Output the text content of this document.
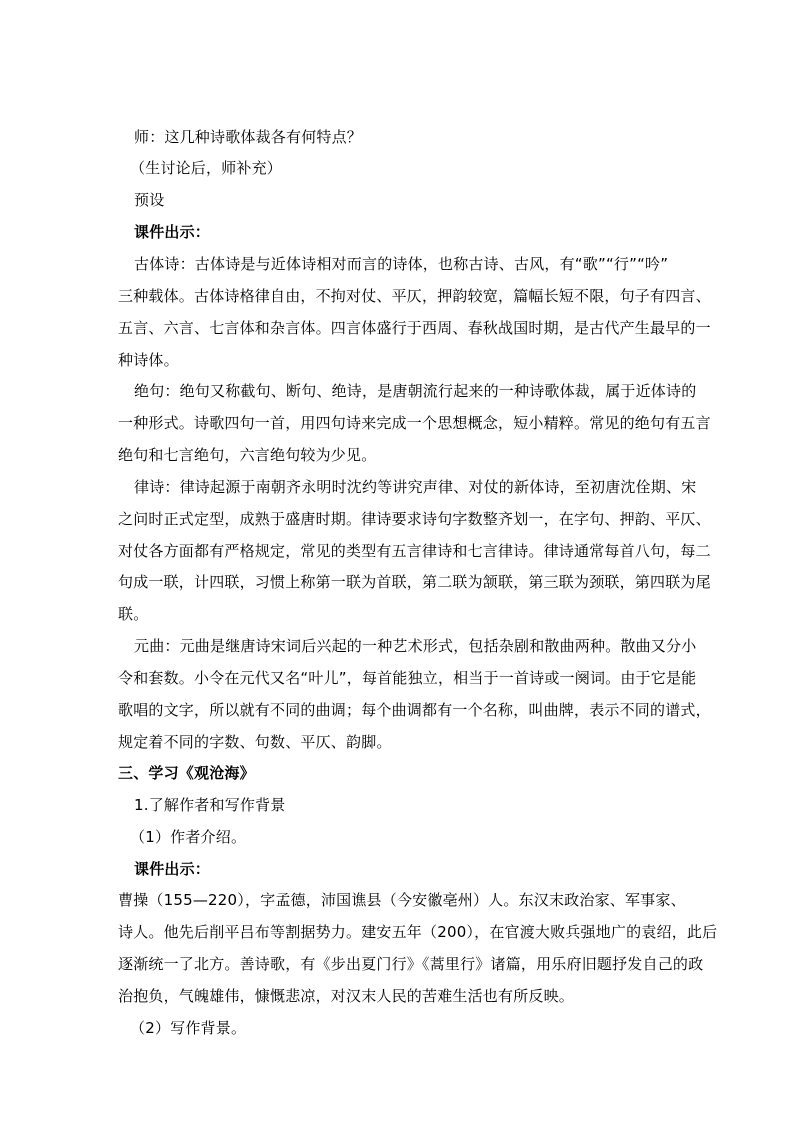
师：这几种诗歌体裁各有何特点？
（生讨论后，师补充）
预设
课件出示：
古体诗：古体诗是与近体诗相对而言的诗体，也称古诗、古风，有“歌”“行”“吟”
三种载体。古体诗格律自由，不拘对仗、平仄，押韵较宽，篇幅长短不限，句子有四言、
五言、六言、七言体和杂言体。四言体盛行于西周、春秋战国时期，是古代产生最早的一
种诗体。
绝句：绝句又称截句、断句、绝诗，是唐朝流行起来的一种诗歌体裁，属于近体诗的
一种形式。诗歌四句一首，用四句诗来完成一个思想概念，短小精粹。常见的绝句有五言
绝句和七言绝句，六言绝句较为少见。
律诗：律诗起源于南朝齐永明时沈约等讲究声律、对仗的新体诗，至初唐沈佺期、宋
之问时正式定型，成熟于盛唐时期。律诗要求诗句字数整齐划一，在字句、押韵、平仄、
对仗各方面都有严格规定，常见的类型有五言律诗和七言律诗。律诗通常每首八句，每二
句成一联，计四联，习惯上称第一联为首联，第二联为颔联，第三联为颈联，第四联为尾
联。
元曲：元曲是继唐诗宋词后兴起的一种艺术形式，包括杂剧和散曲两种。散曲又分小
令和套数。小令在元代又名“叶儿”，每首能独立，相当于一首诗或一阕词。由于它是能
歌唱的文字，所以就有不同的曲调；每个曲调都有一个名称，叫曲牌，表示不同的谱式，
规定着不同的字数、句数、平仄、韵脚。
三、学习《观沧海》
1.了解作者和写作背景
（1）作者介绍。
课件出示：
曹操（155—220），字孟德，沛国谯县（今安徽亳州）人。东汉末政治家、军事家、
诗人。他先后削平吕布等割据势力。建安五年（200），在官渡大败兵强地广的袁绍，此后
逐渐统一了北方。善诗歌，有《步出夏门行》《蒿里行》诸篇，用乐府旧题抒发自己的政
治抱负，气魄雄伟，慷慨悲凉，对汉末人民的苦难生活也有所反映。
（2）写作背景。
